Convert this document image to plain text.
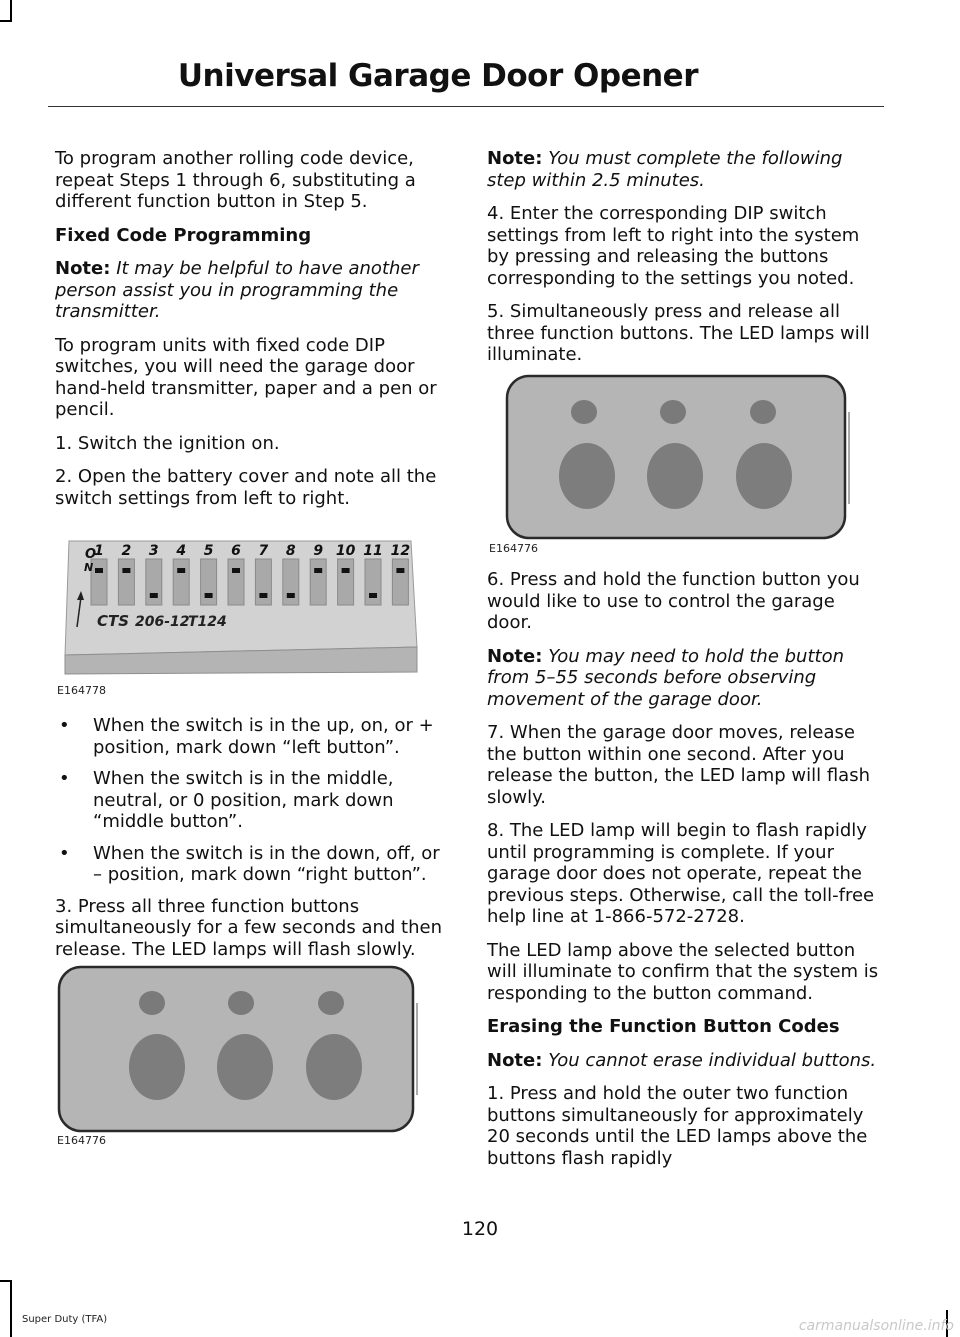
Universal Garage Door Opener

To program another rolling code device, repeat Steps 1 through 6, substituting a different function button in Step 5.

Fixed Code Programming

Note: It may be helpful to have another person assist you in programming the transmitter.

To program units with fixed code DIP switches, you will need the garage door hand-held transmitter, paper and a pen or pencil.

1. Switch the ignition on.

2. Open the battery cover and note all the switch settings from left to right.

1 2 3 4 5 6 7 8 9 10 11 12
O
N
CTS 206-12
T124
E164778
• When the switch is in the up, on, or + position, mark down “left button”.
• When the switch is in the middle, neutral, or 0 position, mark down “middle button”.
• When the switch is in the down, off, or – position, mark down “right button”.

3. Press all three function buttons simultaneously for a few seconds and then release. The LED lamps will flash slowly.

E164776

Note: You must complete the following step within 2.5 minutes.

4. Enter the corresponding DIP switch settings from left to right into the system by pressing and releasing the buttons corresponding to the settings you noted.

5. Simultaneously press and release all three function buttons. The LED lamps will illuminate.

E164776

6. Press and hold the function button you would like to use to control the garage door.

Note: You may need to hold the button from 5–55 seconds before observing movement of the garage door.

7. When the garage door moves, release the button within one second. After you release the button, the LED lamp will flash slowly.

8. The LED lamp will begin to flash rapidly until programming is complete. If your garage door does not operate, repeat the previous steps. Otherwise, call the toll-free help line at 1-866-572-2728.

The LED lamp above the selected button will illuminate to confirm that the system is responding to the button command.

Erasing the Function Button Codes

Note: You cannot erase individual buttons.

1. Press and hold the outer two function buttons simultaneously for approximately 20 seconds until the LED lamps above the buttons flash rapidly

120
Super Duty (TFA)	carmanualsonline.info
